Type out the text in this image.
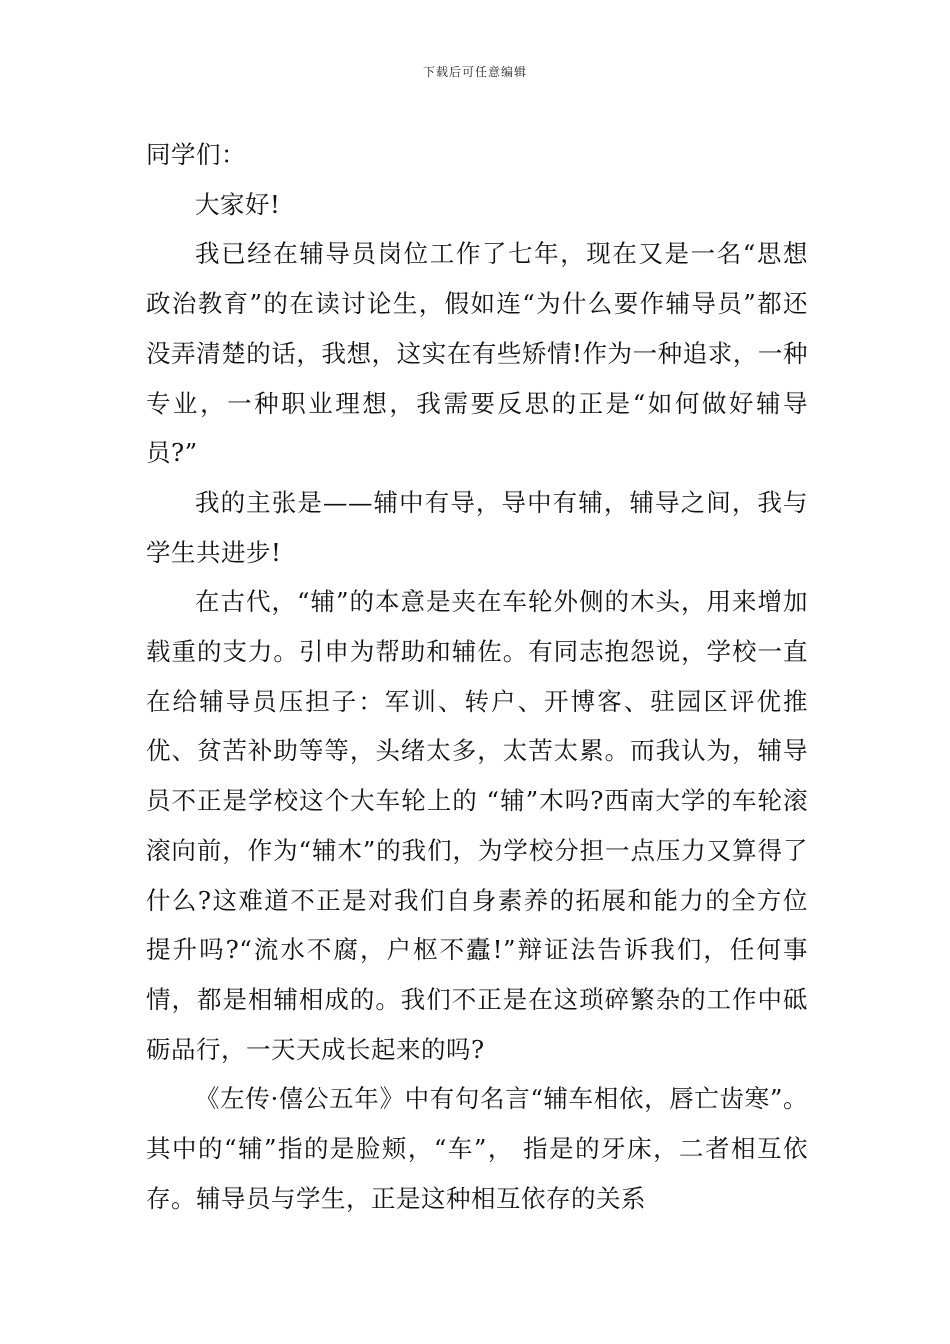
下载后可任意编辑

同学们：

大家好!

我已经在辅导员岗位工作了七年，现在又是一名“思想政治教育”的在读讨论生，假如连“为什么要作辅导员”都还没弄清楚的话，我想，这实在有些矫情!作为一种追求，一种专业，一种职业理想，我需要反思的正是“如何做好辅导员?”

我的主张是——辅中有导，导中有辅，辅导之间，我与学生共进步!

在古代，“辅”的本意是夹在车轮外侧的木头，用来增加载重的支力。引申为帮助和辅佐。有同志抱怨说，学校一直在给辅导员压担子：军训、转户、开博客、驻园区评优推优、贫苦补助等等，头绪太多，太苦太累。而我认为，辅导员不正是学校这个大车轮上的 “辅”木吗?西南大学的车轮滚滚向前，作为“辅木”的我们，为学校分担一点压力又算得了什么?这难道不正是对我们自身素养的拓展和能力的全方位提升吗?“流水不腐，户枢不蠹!”辩证法告诉我们，任何事情，都是相辅相成的。我们不正是在这琐碎繁杂的工作中砥砺品行，一天天成长起来的吗?

《左传·僖公五年》中有句名言“辅车相依，唇亡齿寒”。其中的“辅”指的是脸颊，“车”， 指是的牙床，二者相互依存。辅导员与学生，正是这种相互依存的关系
